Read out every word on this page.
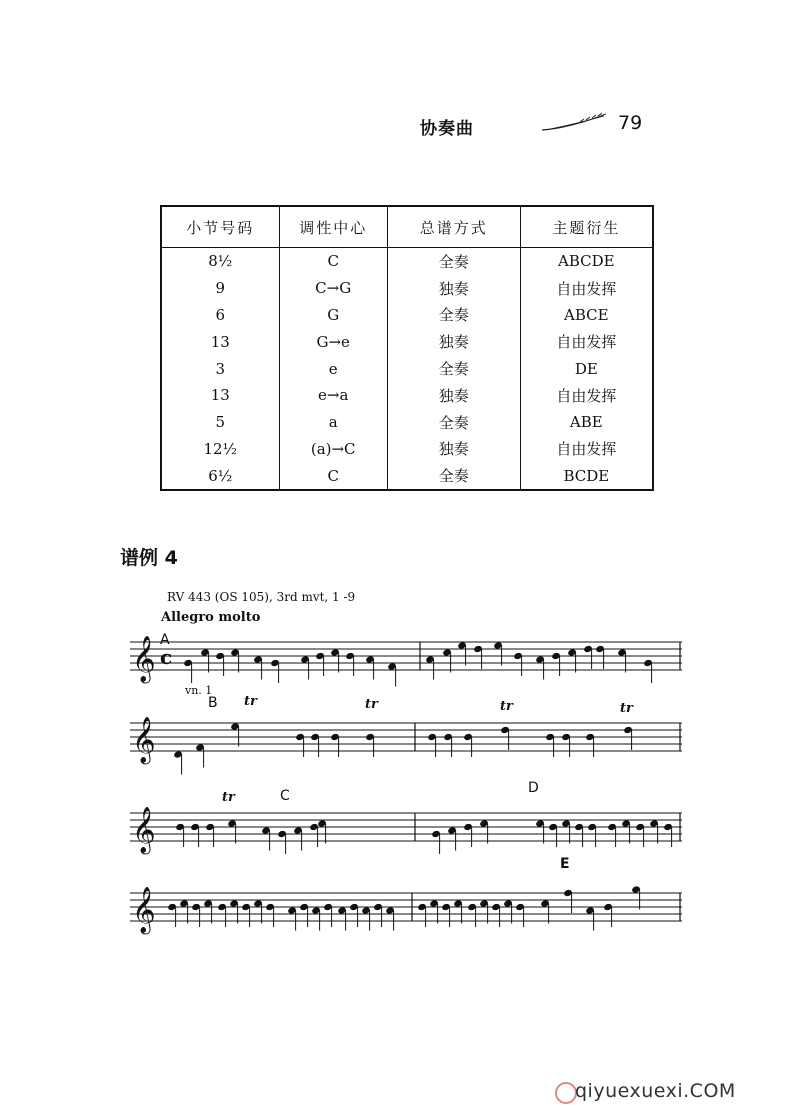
协奏曲	79
小节号码	调性中心	总谱方式	主题衍生
8½	C	全奏	ABCDE
9	C→G	独奏	自由发挥
6	G	全奏	ABCE
13	G→e	独奏	自由发挥
3	e	全奏	DE
13	e→a	独奏	自由发挥
5	a	全奏	ABE
12½	(a)→C	独奏	自由发挥
6½	C	全奏	BCDE
谱例 4
RV 443 (OS 105), 3rd mvt, 1 -9
Allegro molto
vn. 1
A
B
C	D
E
tr	tr	tr	tr
tr
𝄞
𝄞
𝄞
𝄞
c
qiyuexuexi.COM
